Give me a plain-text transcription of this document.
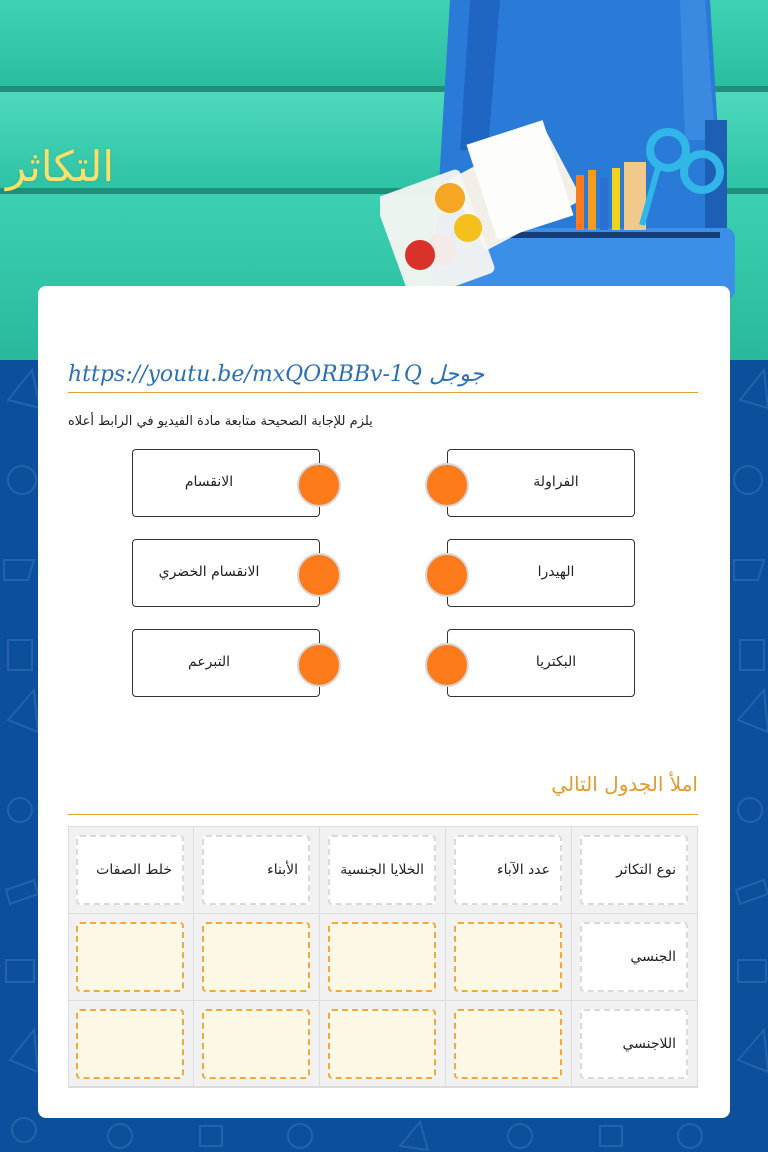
التكاثر
https://youtu.be/mxQORBBv-1Q جوجل
يلزم للإجابة الصحيحة متابعة مادة الفيديو في الرابط أعلاه
الانقسام
الانقسام الخضري
التبرعم
الفراولة
الهيدرا
البكتريا
املأ الجدول التالي
نوع التكاثر
عدد الآباء
الخلايا الجنسية
الأبناء
خلط الصفات
الجنسي
اللاجنسي
